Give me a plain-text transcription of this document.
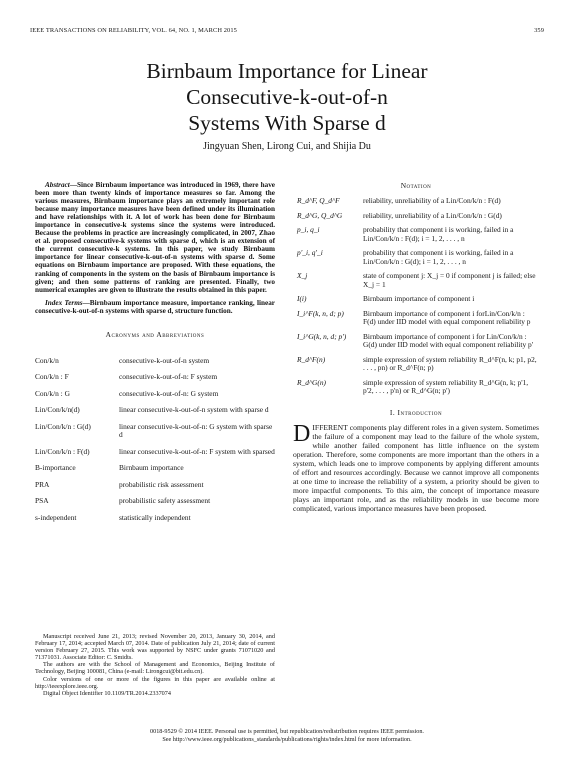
IEEE TRANSACTIONS ON RELIABILITY, VOL. 64, NO. 1, MARCH 2015	359
Birnbaum Importance for Linear
Consecutive-k-out-of-n
Systems With Sparse d
Jingyuan Shen, Lirong Cui, and Shijia Du

Abstract—Since Birnbaum importance was introduced in 1969, there have been more than twenty kinds of importance measures so far. Among the various measures, Birnbaum importance plays an extremely important role because many importance measures have been defined under its illumination and have relationships with it. A lot of work has been done for Birnbaum importance in consecutive-k systems since the systems were introduced. Because the problems in practice are increasingly complicated, in 2007, Zhao et al. proposed consecutive-k systems with sparse d, which is an extension of the current consecutive-k systems. In this paper, we study Birnbaum importance for linear consecutive-k-out-of-n systems with sparse d. Some equations on Birnbaum importance are proposed. With these equations, the ranking of components in the system on the basis of Birnbaum importance is given; and then some patterns of ranking are presented. Finally, two numerical examples are given to illustrate the results obtained in this paper.

Index Terms—Birnbaum importance measure, importance ranking, linear consecutive-k-out-of-n systems with sparse d, structure function.

Acronyms and Abbreviations
Con/k/n	consecutive-k-out-of-n system
Con/k/n : F	consecutive-k-out-of-n: F system
Con/k/n : G	consecutive-k-out-of-n: G system
Lin/Con/k/n(d)	linear consecutive-k-out-of-n system with sparse d
Lin/Con/k/n : G(d)	linear consecutive-k-out-of-n: G system with sparse d
Lin/Con/k/n : F(d)	linear consecutive-k-out-of-n: F system with sparsed
B-importance	Birnbaum importance
PRA	probabilistic risk assessment
PSA	probabilistic safety assessment
s-independent	statistically independent

Manuscript received June 21, 2013; revised November 20, 2013, January 30, 2014, and February 17, 2014; accepted March 07, 2014. Date of publication July 21, 2014; date of current version February 27, 2015. This work was supported by NSFC under grants 71071020 and 71371031. Associate Editor: C. Smidts.

The authors are with the School of Management and Economics, Beijing Institute of Technology, Beijing 100081, China (e-mail: Lirongcui@bit.edu.cn).

Color versions of one or more of the figures in this paper are available online at http://ieeexplore.ieee.org.

Digital Object Identifier 10.1109/TR.2014.2337074

Notation
R_d^F, Q_d^F	reliability, unreliability of a Lin/Con/k/n : F(d)
R_d^G, Q_d^G	reliability, unreliability of a Lin/Con/k/n : G(d)
p_i, q_i	probability that component i is working, failed in a Lin/Con/k/n : F(d); i = 1, 2, . . . , n
p'_i, q'_i	probability that component i is working, failed in a Lin/Con/k/n : G(d); i = 1, 2, . . . , n
X_j	state of component j: X_j = 0 if component j is failed; else X_j = 1
I(i)	Birnbaum importance of component i
I_i^F(k, n, d; p)	Birnbaum importance of component i forLin/Con/k/n : F(d) under IID model with equal component reliability p
I_i^G(k, n, d; p')	Birnbaum importance of component i for Lin/Con/k/n : G(d) under IID model with equal component reliability p'
R_d^F(n)	simple expression of system reliability R_d^F(n, k; p1, p2, . . . , pn) or R_d^F(n; p)
R_d^G(n)	simple expression of system reliability R_d^G(n, k; p'1, p'2, . . . , p'n) or R_d^G(n; p')
I. Introduction
DIFFERENT components play different roles in a given system. Sometimes the failure of a component may lead to the failure of the whole system, while another failed component has little influence on the system operation. Therefore, some components are more important than the others in a system, which leads one to improve components by applying different amounts of effort and resources accordingly. Because we cannot improve all components at one time to increase the reliability of a system, a priority should be given to more impactful components. To this aim, the concept of importance measure plays an important role, and as the reliability models in use become more complicated, various importance measures have been proposed.
0018-9529 © 2014 IEEE. Personal use is permitted, but republication/redistribution requires IEEE permission.
See http://www.ieee.org/publications_standards/publications/rights/index.html for more information.
